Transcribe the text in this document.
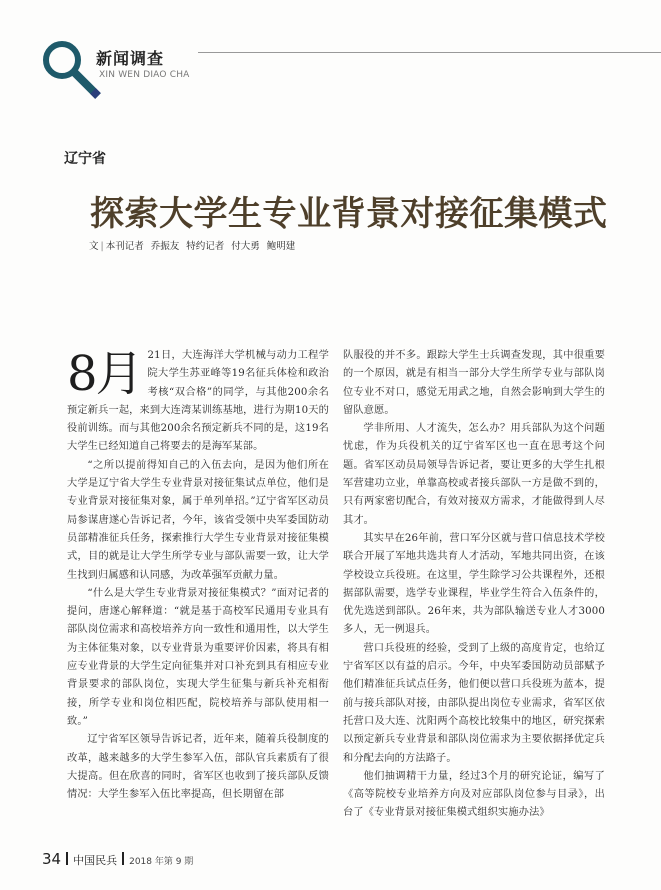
新闻调查
XIN WEN DIAO CHA
辽宁省
探索大学生专业背景对接征集模式
文 | 本刊记者 乔振友 特约记者 付大勇 鲍明建

8月 21日，大连海洋大学机械与动力工程学院大学生苏亚峰等19名征兵体检和政治考核“双合格”的同学，与其他200余名预定新兵一起，来到大连湾某训练基地，进行为期10天的役前训练。而与其他200余名预定新兵不同的是，这19名大学生已经知道自己将要去的是海军某部。

“之所以提前得知自己的入伍去向，是因为他们所在大学是辽宁省大学生专业背景对接征集试点单位，他们是专业背景对接征集对象，属于单列单招。”辽宁省军区动员局参谋唐遂心告诉记者，今年，该省受领中央军委国防动员部精准征兵任务，探索推行大学生专业背景对接征集模式，目的就是让大学生所学专业与部队需要一致，让大学生找到归属感和认同感，为改革强军贡献力量。

“什么是大学生专业背景对接征集模式？”面对记者的提问，唐遂心解释道：“就是基于高校军民通用专业具有部队岗位需求和高校培养方向一致性和通用性，以大学生为主体征集对象，以专业背景为重要评价因素，将具有相应专业背景的大学生定向征集并对口补充到具有相应专业背景要求的部队岗位，实现大学生征集与新兵补充相衔接，所学专业和岗位相匹配，院校培养与部队使用相一致。”

辽宁省军区领导告诉记者，近年来，随着兵役制度的改革，越来越多的大学生参军入伍，部队官兵素质有了很大提高。但在欣喜的同时，省军区也收到了接兵部队反馈情况：大学生参军入伍比率提高，但长期留在部

队服役的并不多。跟踪大学生士兵调查发现，其中很重要的一个原因，就是有相当一部分大学生所学专业与部队岗位专业不对口，感觉无用武之地，自然会影响到大学生的留队意愿。

学非所用、人才流失，怎么办？用兵部队为这个问题忧虑，作为兵役机关的辽宁省军区也一直在思考这个问题。省军区动员局领导告诉记者，要让更多的大学生扎根军营建功立业，单靠高校或者接兵部队一方是做不到的，只有两家密切配合，有效对接双方需求，才能做得到人尽其才。

其实早在26年前，营口军分区就与营口信息技术学校联合开展了军地共选共育人才活动，军地共同出资，在该学校设立兵役班。在这里，学生除学习公共课程外，还根据部队需要，选学专业课程，毕业学生符合入伍条件的，优先选送到部队。26年来，共为部队输送专业人才3000多人，无一例退兵。

营口兵役班的经验，受到了上级的高度肯定，也给辽宁省军区以有益的启示。今年，中央军委国防动员部赋予他们精准征兵试点任务，他们便以营口兵役班为蓝本，提前与接兵部队对接，由部队提出岗位专业需求，省军区依托营口及大连、沈阳两个高校比较集中的地区，研究探索以预定新兵专业背景和部队岗位需求为主要依据择优定兵和分配去向的方法路子。

他们抽调精干力量，经过3个月的研究论证，编写了《高等院校专业培养方向及对应部队岗位参与目录》，出台了《专业背景对接征集模式组织实施办法》

34 中国民兵 2018 年第 9 期
